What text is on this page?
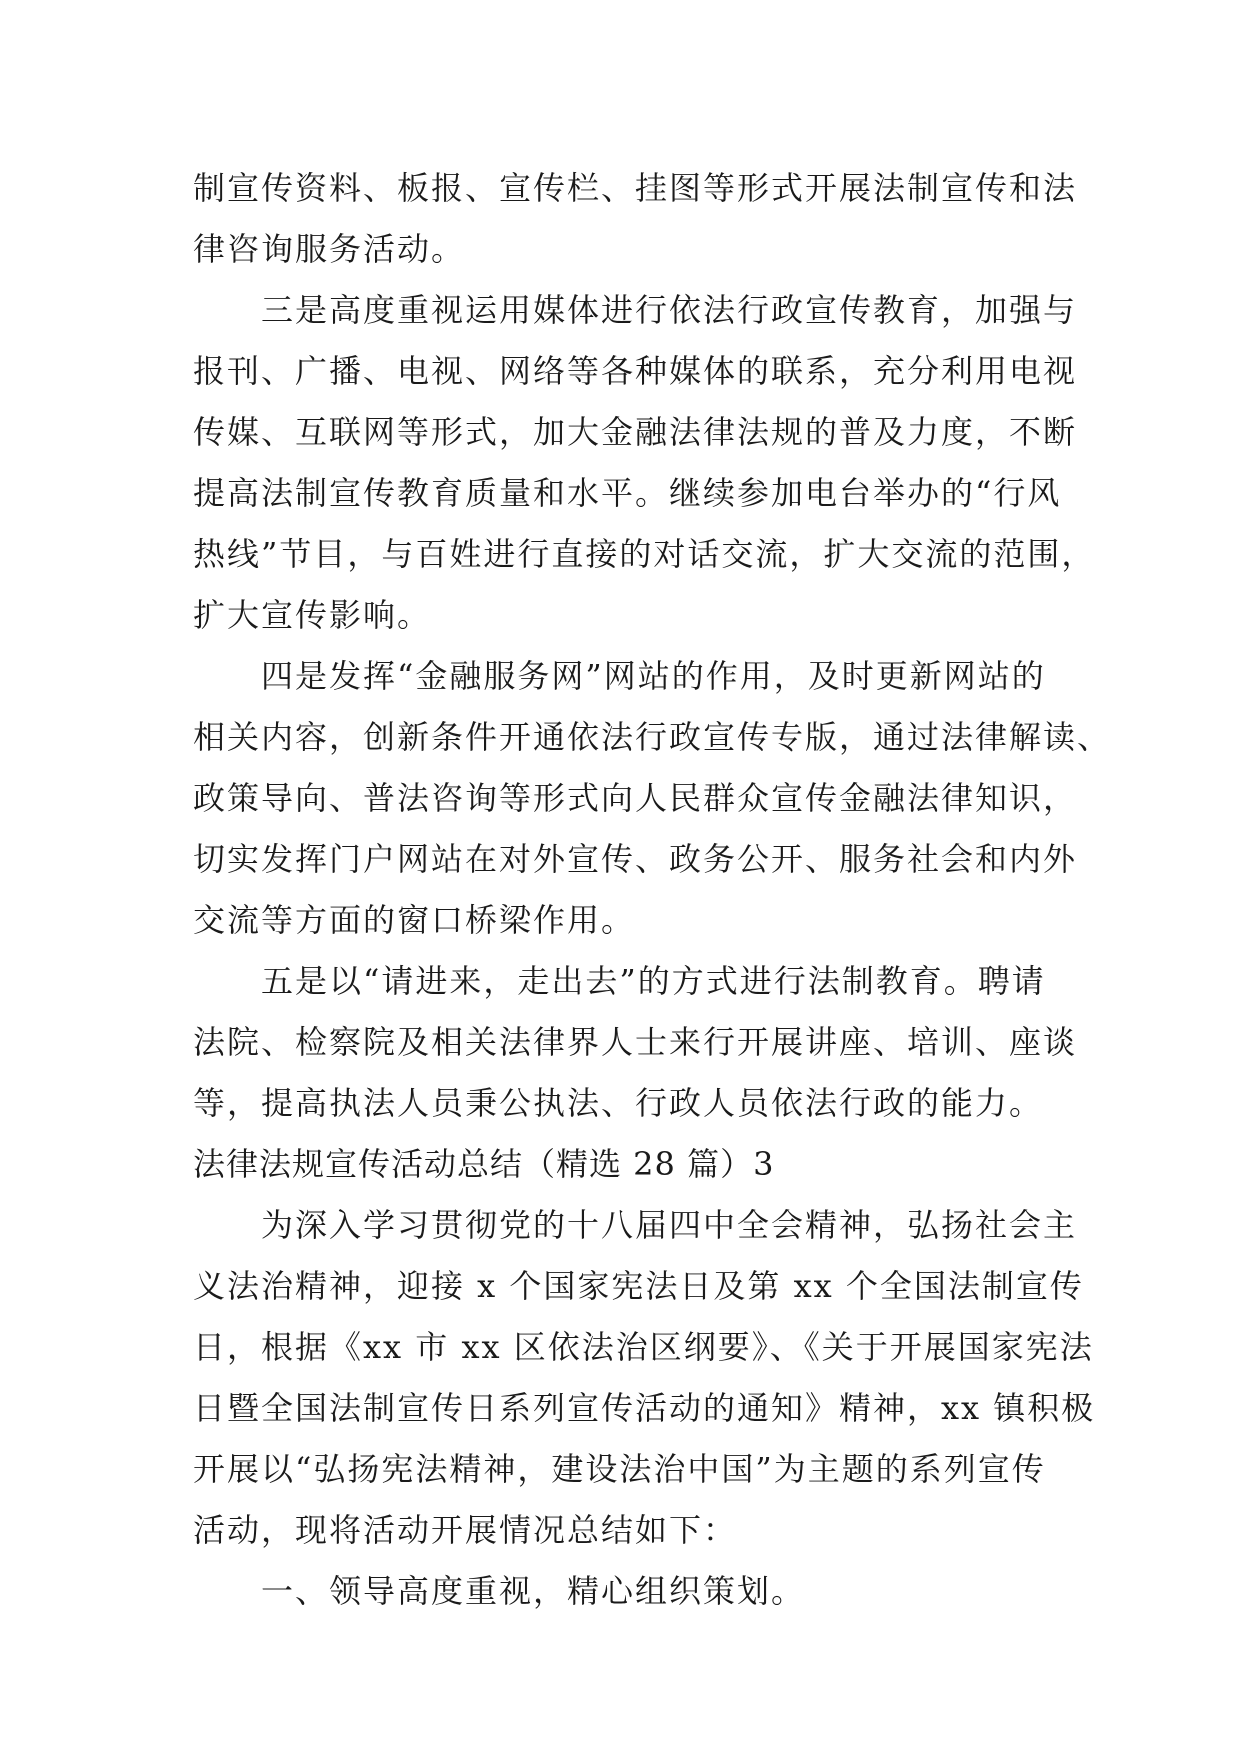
制宣传资料、板报、宣传栏、挂图等形式开展法制宣传和法
律咨询服务活动。
三是高度重视运用媒体进行依法行政宣传教育，加强与
报刊、广播、电视、网络等各种媒体的联系，充分利用电视
传媒、互联网等形式，加大金融法律法规的普及力度，不断
提高法制宣传教育质量和水平。继续参加电台举办的“行风
热线”节目，与百姓进行直接的对话交流，扩大交流的范围，
扩大宣传影响。
四是发挥“金融服务网”网站的作用，及时更新网站的
相关内容，创新条件开通依法行政宣传专版，通过法律解读、
政策导向、普法咨询等形式向人民群众宣传金融法律知识，
切实发挥门户网站在对外宣传、政务公开、服务社会和内外
交流等方面的窗口桥梁作用。
五是以“请进来，走出去”的方式进行法制教育。聘请
法院、检察院及相关法律界人士来行开展讲座、培训、座谈
等，提高执法人员秉公执法、行政人员依法行政的能力。
法律法规宣传活动总结（精选 28 篇）3
为深入学习贯彻党的十八届四中全会精神，弘扬社会主
义法治精神，迎接 x 个国家宪法日及第 xx 个全国法制宣传
日，根据《xx 市 xx 区依法治区纲要》、《关于开展国家宪法
日暨全国法制宣传日系列宣传活动的通知》精神，xx 镇积极
开展以“弘扬宪法精神，建设法治中国”为主题的系列宣传
活动，现将活动开展情况总结如下：
一、领导高度重视，精心组织策划。
